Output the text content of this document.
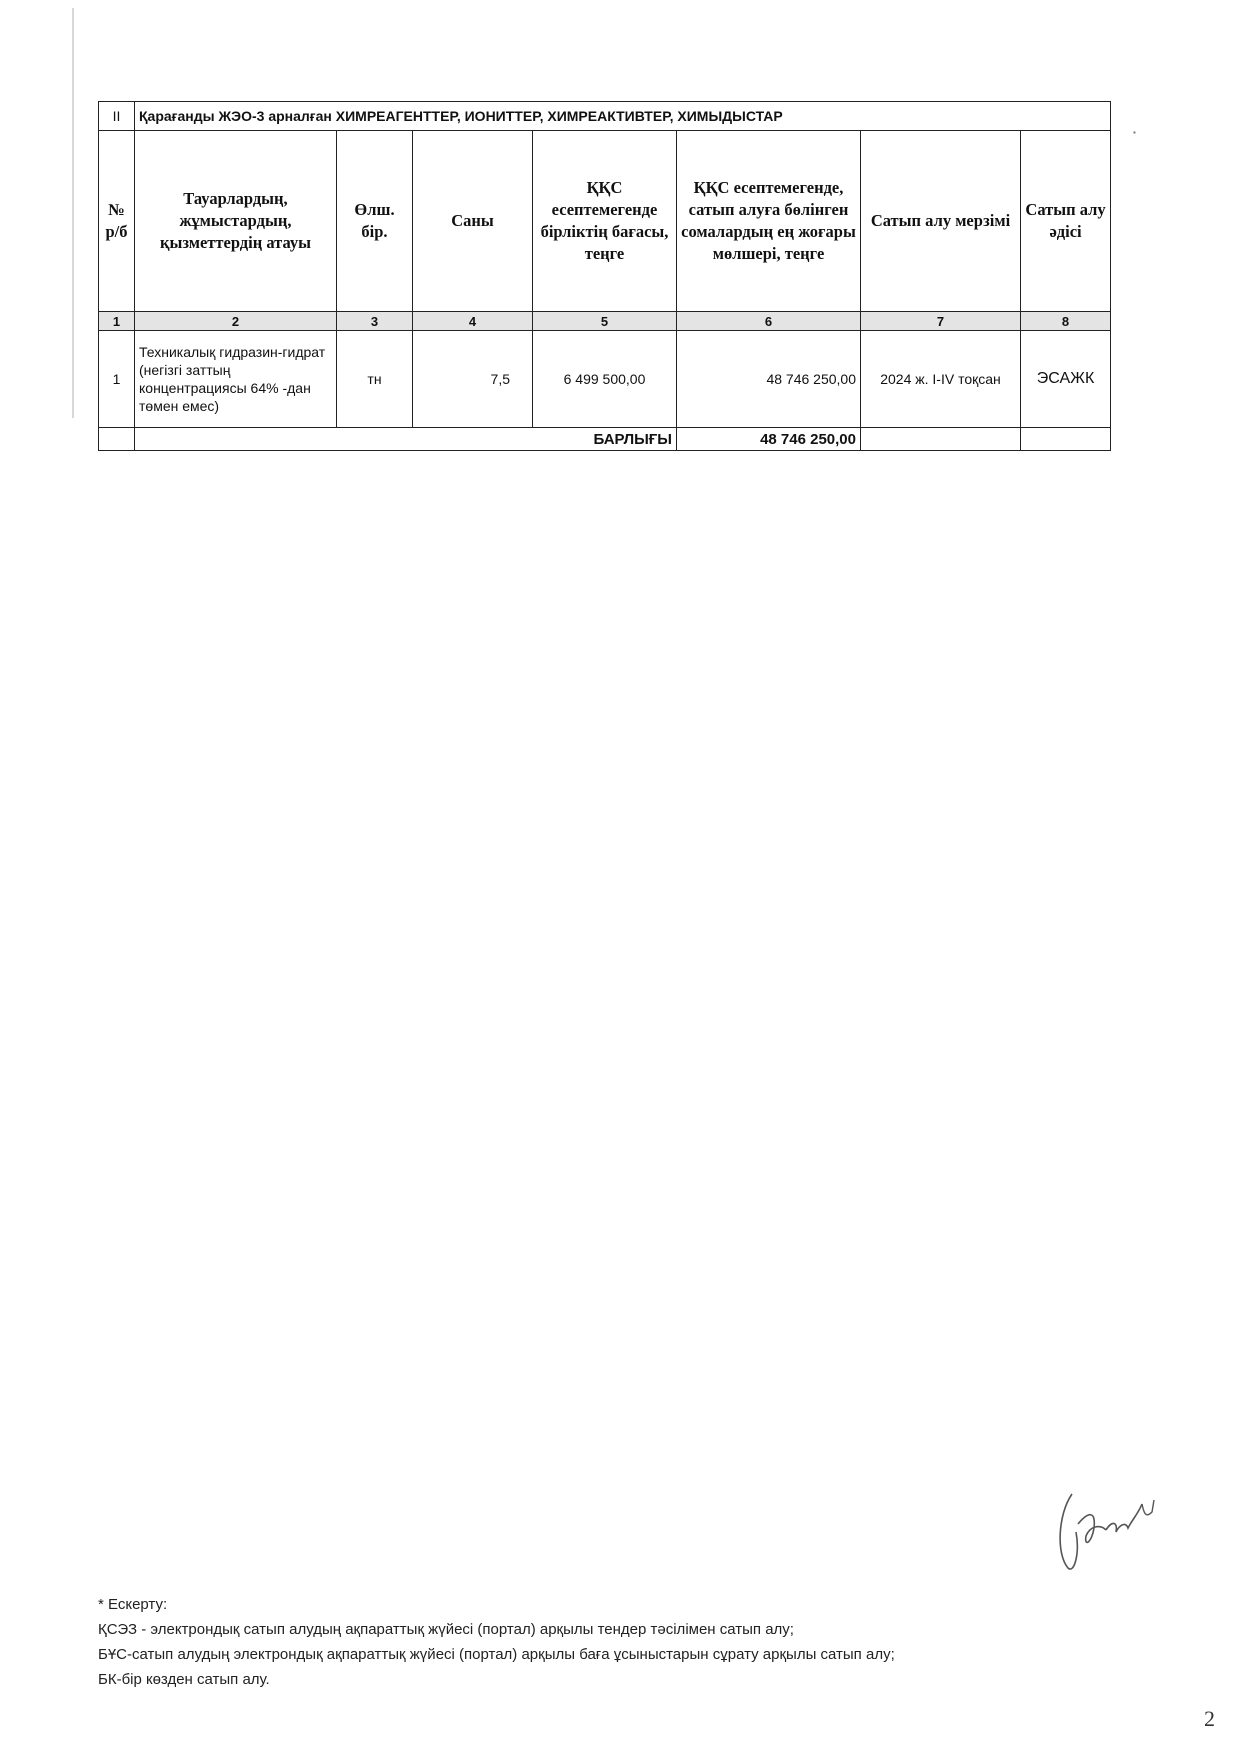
▪
II	Қарағанды ЖЭО-3 арналған ХИМРЕАГЕНТТЕР, ИОНИТТЕР, ХИМРЕАКТИВТЕР, ХИМЫДЫСТАР						
№ р/б	Тауарлардың, жұмыстардың, қызметтердің атауы	Өлш. бір.	Саны	ҚҚС есептемегенде бірліктің бағасы, теңге	ҚҚС есептемегенде, сатып алуға бөлінген сомалардың ең жоғары мөлшері, теңге	Сатып алу мерзімі	Сатып алу әдісі
1	2	3	4	5	6	7	8
1	Техникалық гидразин-гидрат (негізгі заттың концентрациясы 64% -дан төмен емес)	тн	7,5	6 499 500,00	48 746 250,00	2024 ж. I-IV тоқсан	ЭСАЖК
	БАРЛЫҒЫ				48 746 250,00		
* Ескерту:
ҚСЭЗ - электрондық сатып алудың ақпараттық жүйесі (портал) арқылы тендер тәсілімен сатып алу;
БҰС-сатып алудың электрондық ақпараттық жүйесі (портал) арқылы баға ұсыныстарын сұрату арқылы сатып алу;
БК-бір көзден сатып алу.
2
